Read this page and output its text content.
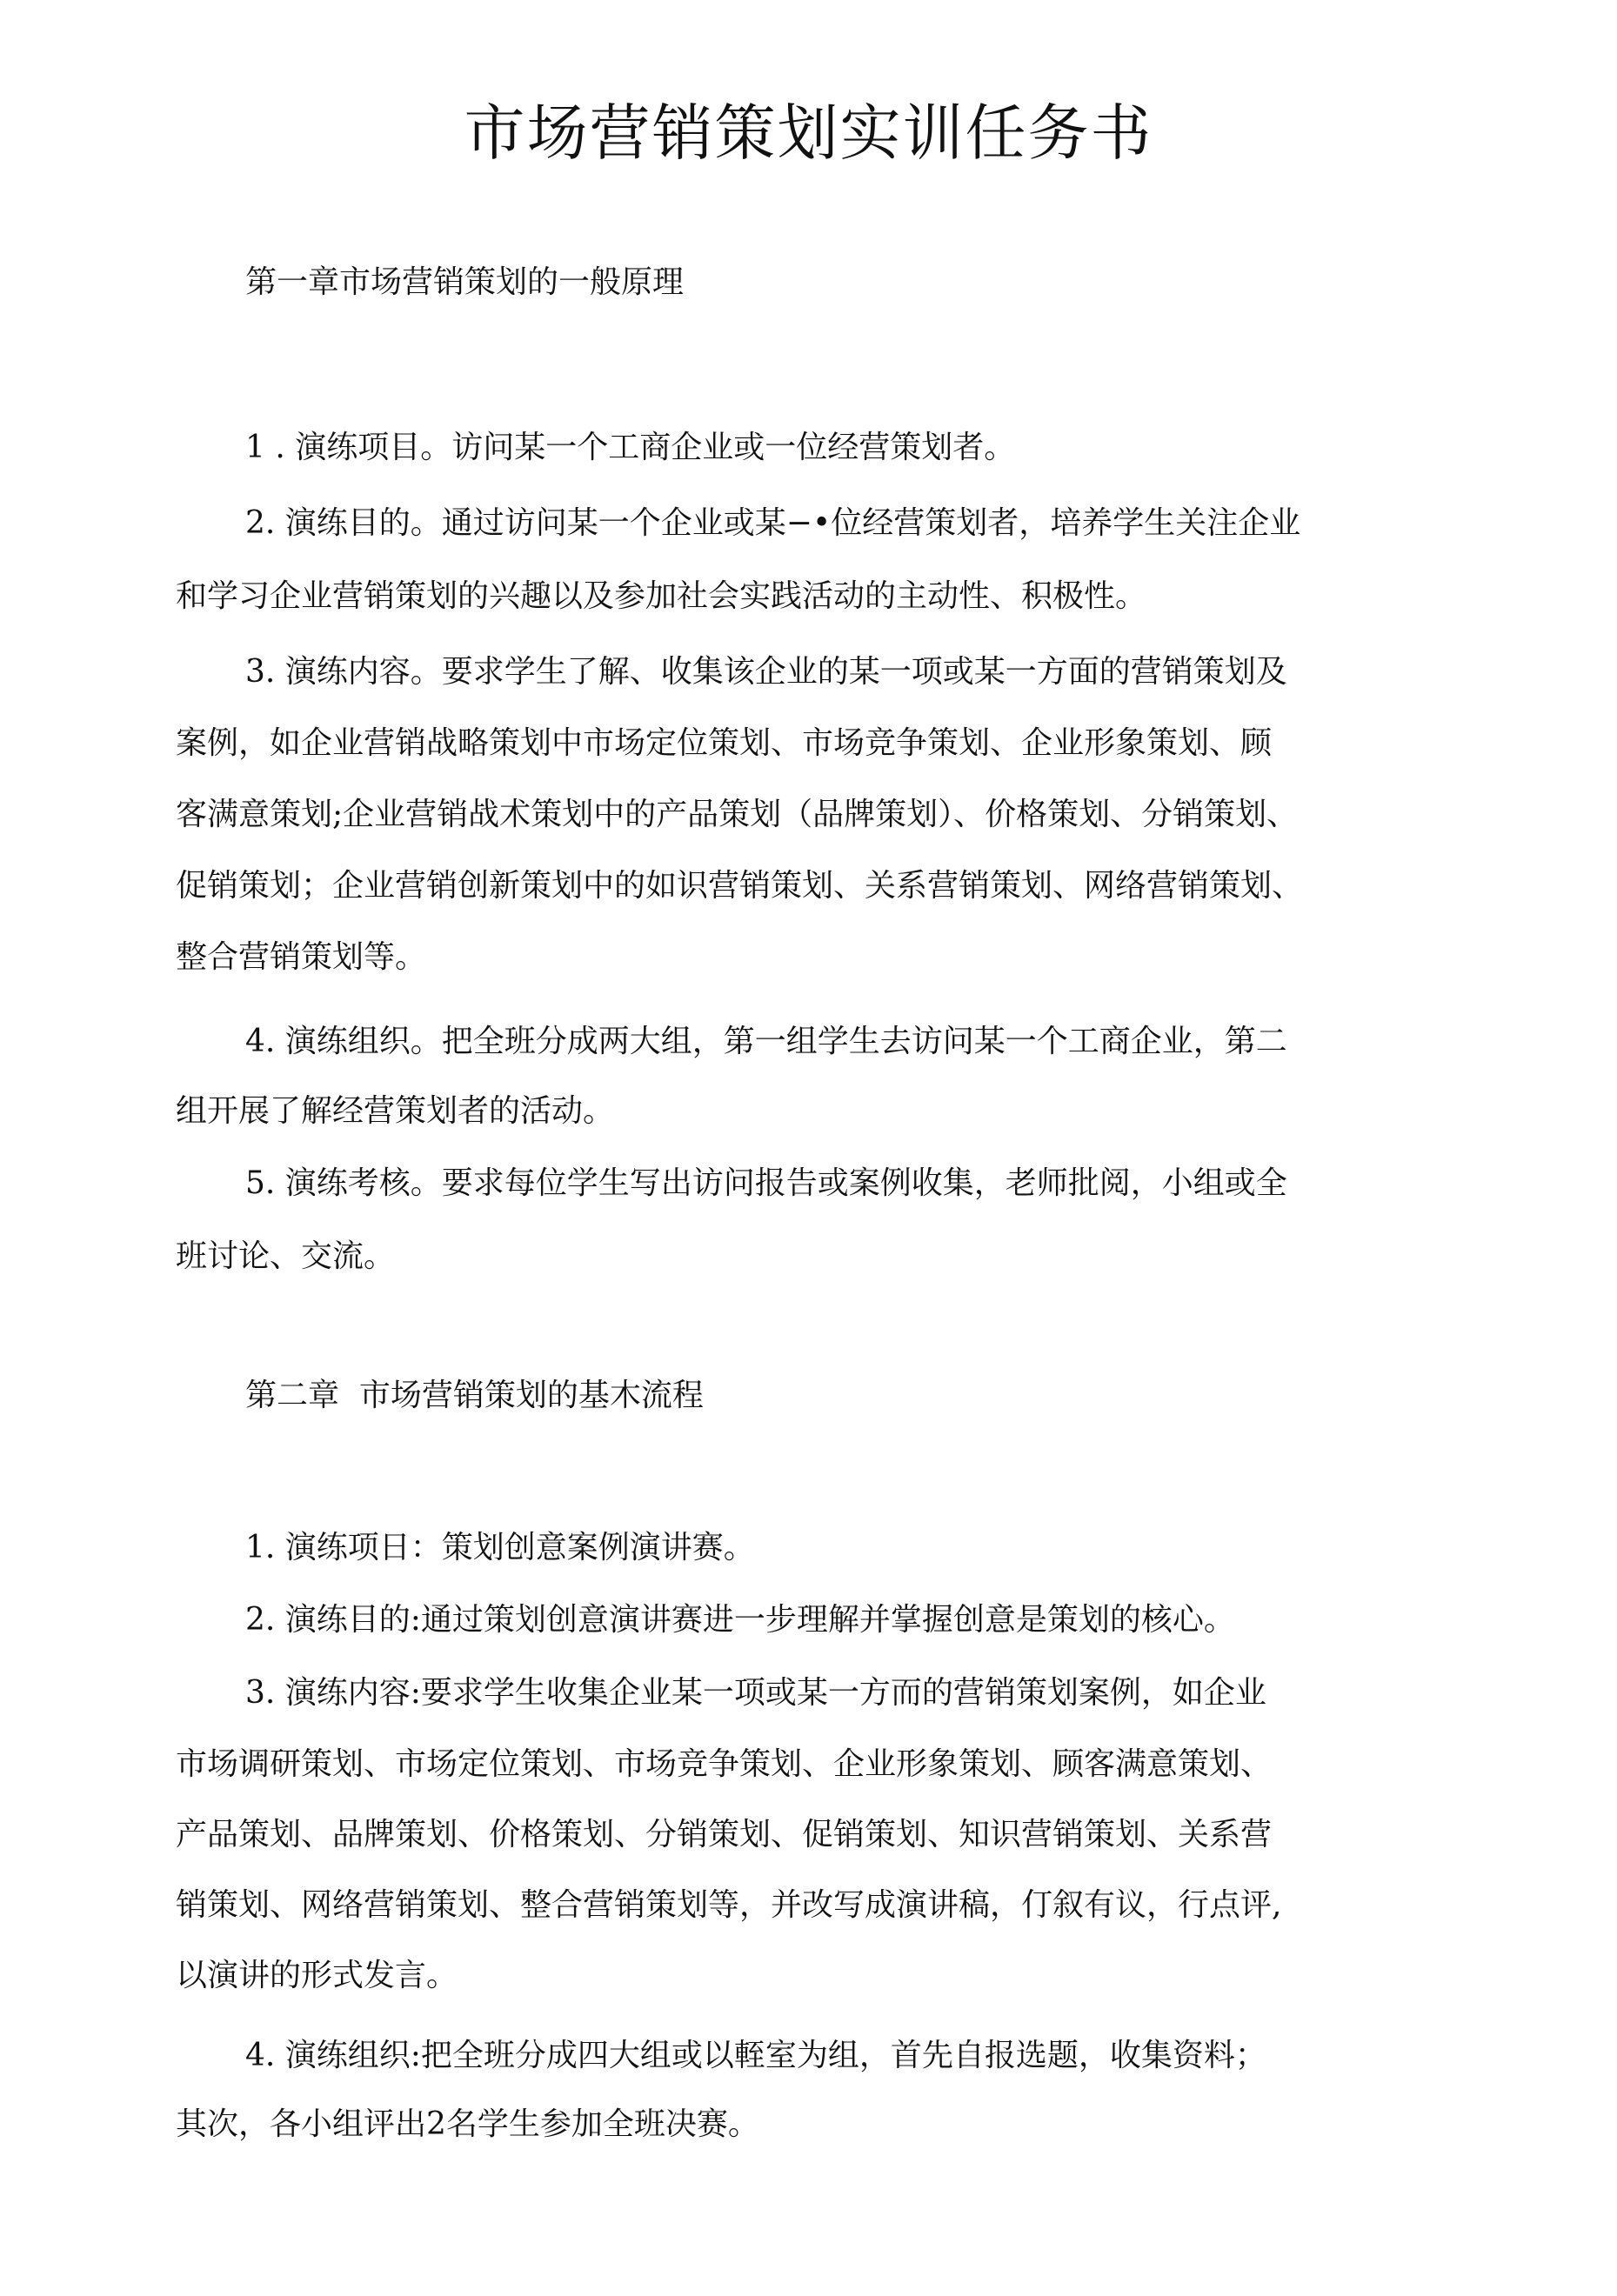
市场营销策划实训任务书
第一章市场营销策划的一般原理
1 . 演练项目。访问某一个工商企业或一位经营策划者。
2. 演练目的。通过访问某一个企业或某−•位经营策划者，培养学生关注企业
和学习企业营销策划的兴趣以及参加社会实践活动的主动性、积极性。
3. 演练内容。要求学生了解、收集该企业的某一项或某一方面的营销策划及
案例，如企业营销战略策划中市场定位策划、市场竞争策划、企业形象策划、顾
客满意策划;企业营销战术策划中的产品策划（品牌策划）、价格策划、分销策划、
促销策划；企业营销创新策划中的如识营销策划、关系营销策划、网络营销策划、
整合营销策划等。
4. 演练组织。把全班分成两大组，第一组学生去访问某一个工商企业，第二
组开展了解经营策划者的活动。
5. 演练考核。要求每位学生写出访问报告或案例收集，老师批阅，小组或全
班讨论、交流。
第二章  市场营销策划的基木流程
1. 演练项日：策划创意案例演讲赛。
2. 演练目的:通过策划创意演讲赛进一步理解并掌握创意是策划的核心。
3. 演练内容:要求学生收集企业某一项或某一方而的营销策划案例，如企业
市场调研策划、市场定位策划、市场竞争策划、企业形象策划、顾客满意策划、
产品策划、品牌策划、价格策划、分销策划、促销策划、知识营销策划、关系营
销策划、网络营销策划、整合营销策划等，并改写成演讲稿，仃叙有议，行点评,
以演讲的形式发言。
4. 演练组织:把全班分成四大组或以輊室为组，首先自报选题，收集资料；
其次，各小组评出2名学生参加全班决赛。
